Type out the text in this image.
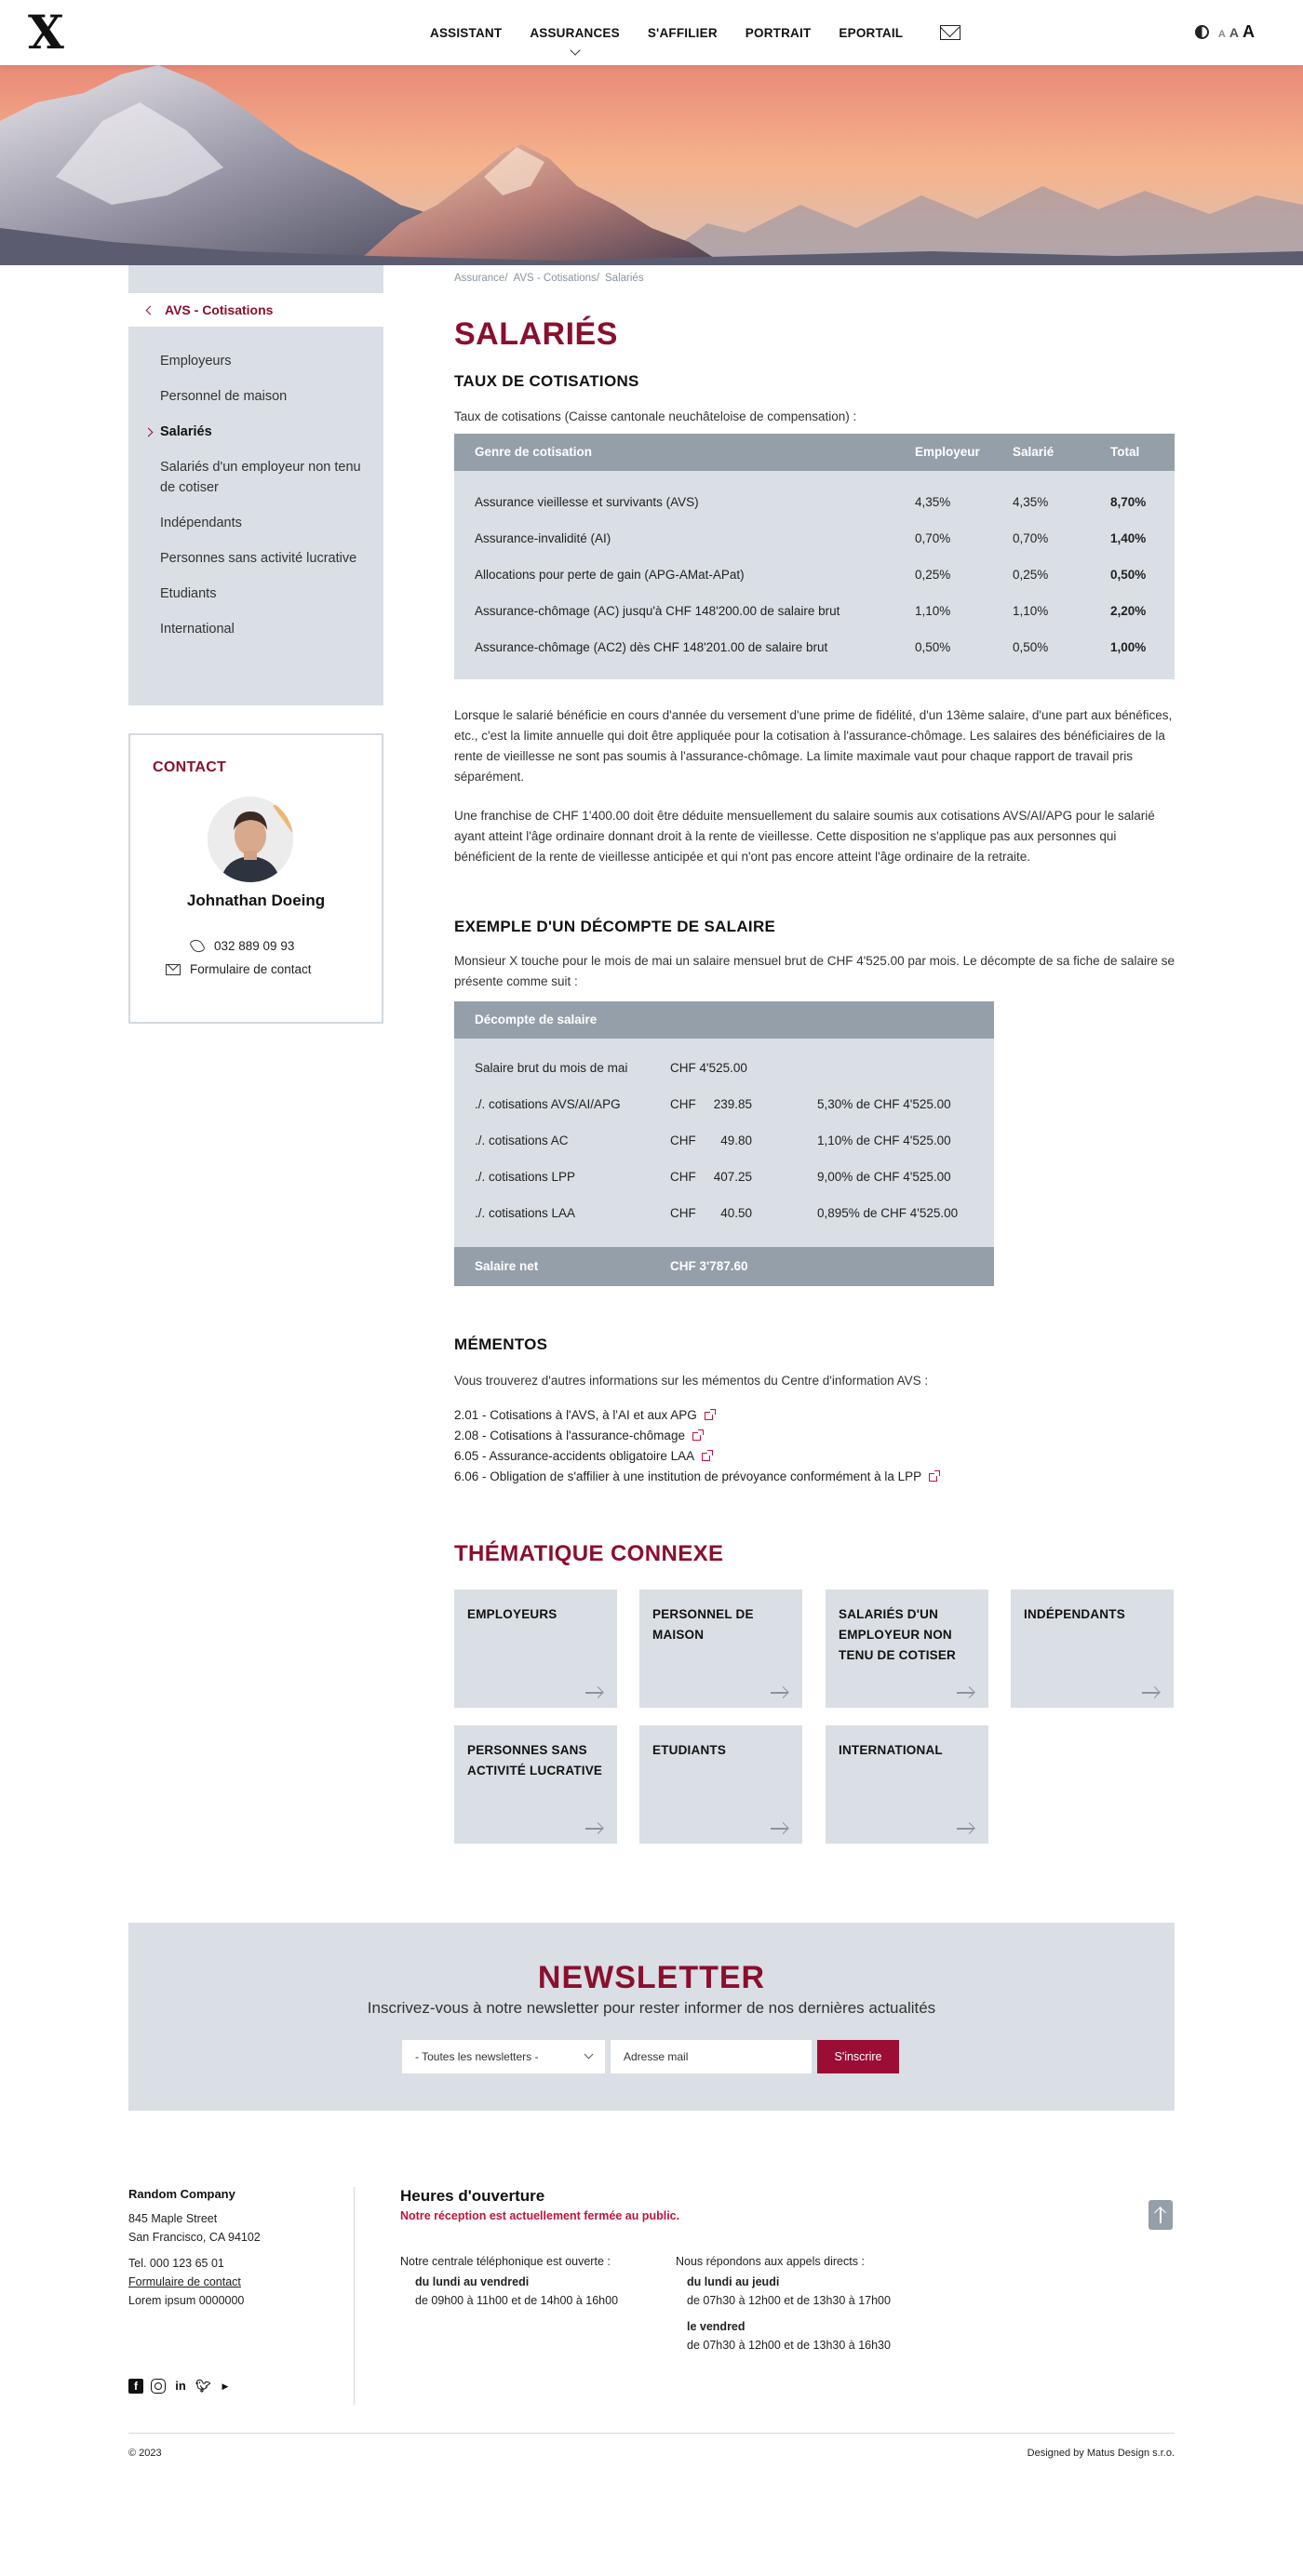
X	ASSISTANT ASSURANCES S'AFFILIER PORTRAIT EPORTAIL	A A A
AVS - Cotisations
Employeurs
Personnel de maison
Salariés
Salariés d'un employeur non tenu de cotiser
Indépendants
Personnes sans activité lucrative
Etudiants
International
CONTACT
Johnathan Doeing
032 889 09 93
Formulaire de contact
Assurance/ AVS - Cotisations/ Salariés
SALARIÉS
TAUX DE COTISATIONS
Taux de cotisations (Caisse cantonale neuchâteloise de compensation) :
Genre de cotisation	Employeur	Salarié	Total
Assurance vieillesse et survivants (AVS)	4,35%	4,35%	8,70%
Assurance-invalidité (AI)	0,70%	0,70%	1,40%
Allocations pour perte de gain (APG-AMat-APat)	0,25%	0,25%	0,50%
Assurance-chômage (AC) jusqu'à CHF 148'200.00 de salaire brut	1,10%	1,10%	2,20%
Assurance-chômage (AC2) dès CHF 148'201.00 de salaire brut	0,50%	0,50%	1,00%
Lorsque le salarié bénéficie en cours d'année du versement d'une prime de fidélité, d'un 13ème salaire, d'une part aux bénéfices, etc., c'est la limite annuelle qui doit être appliquée pour la cotisation à l'assurance-chômage. Les salaires des bénéficiaires de la rente de vieillesse ne sont pas soumis à l'assurance-chômage. La limite maximale vaut pour chaque rapport de travail pris séparément.
Une franchise de CHF 1'400.00 doit être déduite mensuellement du salaire soumis aux cotisations AVS/AI/APG pour le salarié ayant atteint l'âge ordinaire donnant droit à la rente de vieillesse. Cette disposition ne s'applique pas aux personnes qui bénéficient de la rente de vieillesse anticipée et qui n'ont pas encore atteint l'âge ordinaire de la retraite.
EXEMPLE D'UN DÉCOMPTE DE SALAIRE
Monsieur X touche pour le mois de mai un salaire mensuel brut de CHF 4'525.00 par mois. Le décompte de sa fiche de salaire se présente comme suit :
Décompte de salaire
Salaire brut du mois de mai	CHF 4'525.00
./. cotisations AVS/AI/APG	CHF	239.85	5,30% de CHF 4'525.00
./. cotisations AC	CHF	49.80	1,10% de CHF 4'525.00
./. cotisations LPP	CHF	407.25	9,00% de CHF 4'525.00
./. cotisations LAA	CHF	40.50	0,895% de CHF 4'525.00
Salaire net	CHF 3'787.60
MÉMENTOS
Vous trouverez d'autres informations sur les mémentos du Centre d'information AVS :
2.01 - Cotisations à l'AVS, à l'AI et aux APG
2.08 - Cotisations à l'assurance-chômage
6.05 - Assurance-accidents obligatoire LAA
6.06 - Obligation de s'affilier à une institution de prévoyance conformément à la LPP
THÉMATIQUE CONNEXE
EMPLOYEURS	PERSONNEL DE MAISON
SALARIÉS D'UN EMPLOYEUR NON TENU DE COTISER
INDÉPENDANTS
PERSONNES SANS ACTIVITÉ LUCRATIVE
ETUDIANTS	INTERNATIONAL
NEWSLETTER
Inscrivez-vous à notre newsletter pour rester informer de nos dernières actualités
- Toutes les newsletters -
Adresse mail	S'inscrire
Random Company
845 Maple Street
San Francisco, CA 94102
Tel. 000 123 65 01
Formulaire de contact
Lorem ipsum 0000000
f	in 🐦︎	▶
Heures d'ouverture
Notre réception est actuellement fermée au public.
Notre centrale téléphonique est ouverte :
du lundi au vendredi
de 09h00 à 11h00 et de 14h00 à 16h00
Nous répondons aux appels directs :
du lundi au jeudi
de 07h30 à 12h00 et de 13h30 à 17h00
le vendred
de 07h30 à 12h00 et de 13h30 à 16h30
© 2023	Designed by Matus Design s.r.o.
